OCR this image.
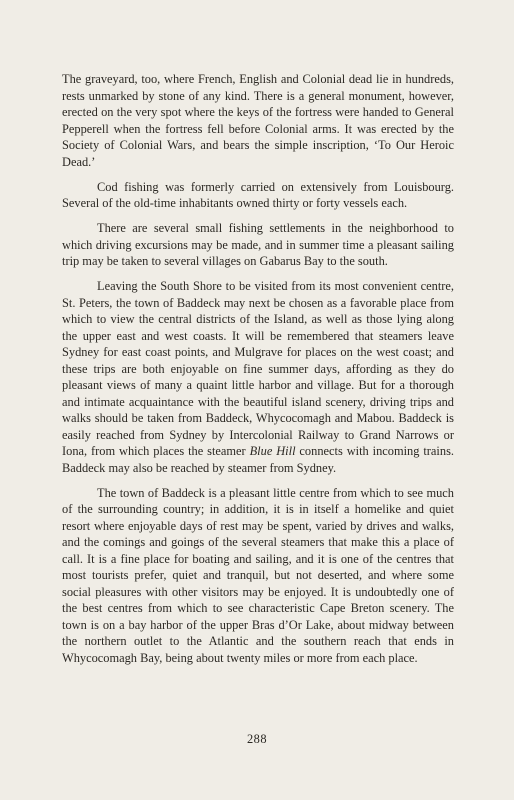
The graveyard, too, where French, English and Colonial dead lie in hundreds, rests unmarked by stone of any kind. There is a general monument, however, erected on the very spot where the keys of the fortress were handed to General Pepperell when the fortress fell before Colonial arms. It was erected by the Society of Colonial Wars, and bears the simple inscription, ‘To Our Heroic Dead.’

Cod fishing was formerly carried on extensively from Louisbourg. Several of the old-time inhabitants owned thirty or forty vessels each.

There are several small fishing settlements in the neighborhood to which driving excursions may be made, and in summer time a pleasant sailing trip may be taken to several villages on Gabarus Bay to the south.

Leaving the South Shore to be visited from its most convenient centre, St. Peters, the town of Baddeck may next be chosen as a favorable place from which to view the central districts of the Island, as well as those lying along the upper east and west coasts. It will be remembered that steamers leave Sydney for east coast points, and Mulgrave for places on the west coast; and these trips are both enjoyable on fine summer days, affording as they do pleasant views of many a quaint little harbor and village. But for a thorough and intimate acquaintance with the beautiful island scenery, driving trips and walks should be taken from Baddeck, Whycocomagh and Mabou. Baddeck is easily reached from Sydney by Intercolonial Railway to Grand Narrows or Iona, from which places the steamer Blue Hill connects with incoming trains. Baddeck may also be reached by steamer from Sydney.

The town of Baddeck is a pleasant little centre from which to see much of the surrounding country; in addition, it is in itself a homelike and quiet resort where enjoyable days of rest may be spent, varied by drives and walks, and the comings and goings of the several steamers that make this a place of call. It is a fine place for boating and sailing, and it is one of the centres that most tourists prefer, quiet and tranquil, but not deserted, and where some social pleasures with other visitors may be enjoyed. It is undoubtedly one of the best centres from which to see characteristic Cape Breton scenery. The town is on a bay harbor of the upper Bras d’Or Lake, about midway between the northern outlet to the Atlantic and the southern reach that ends in Whycocomagh Bay, being about twenty miles or more from each place.

288
